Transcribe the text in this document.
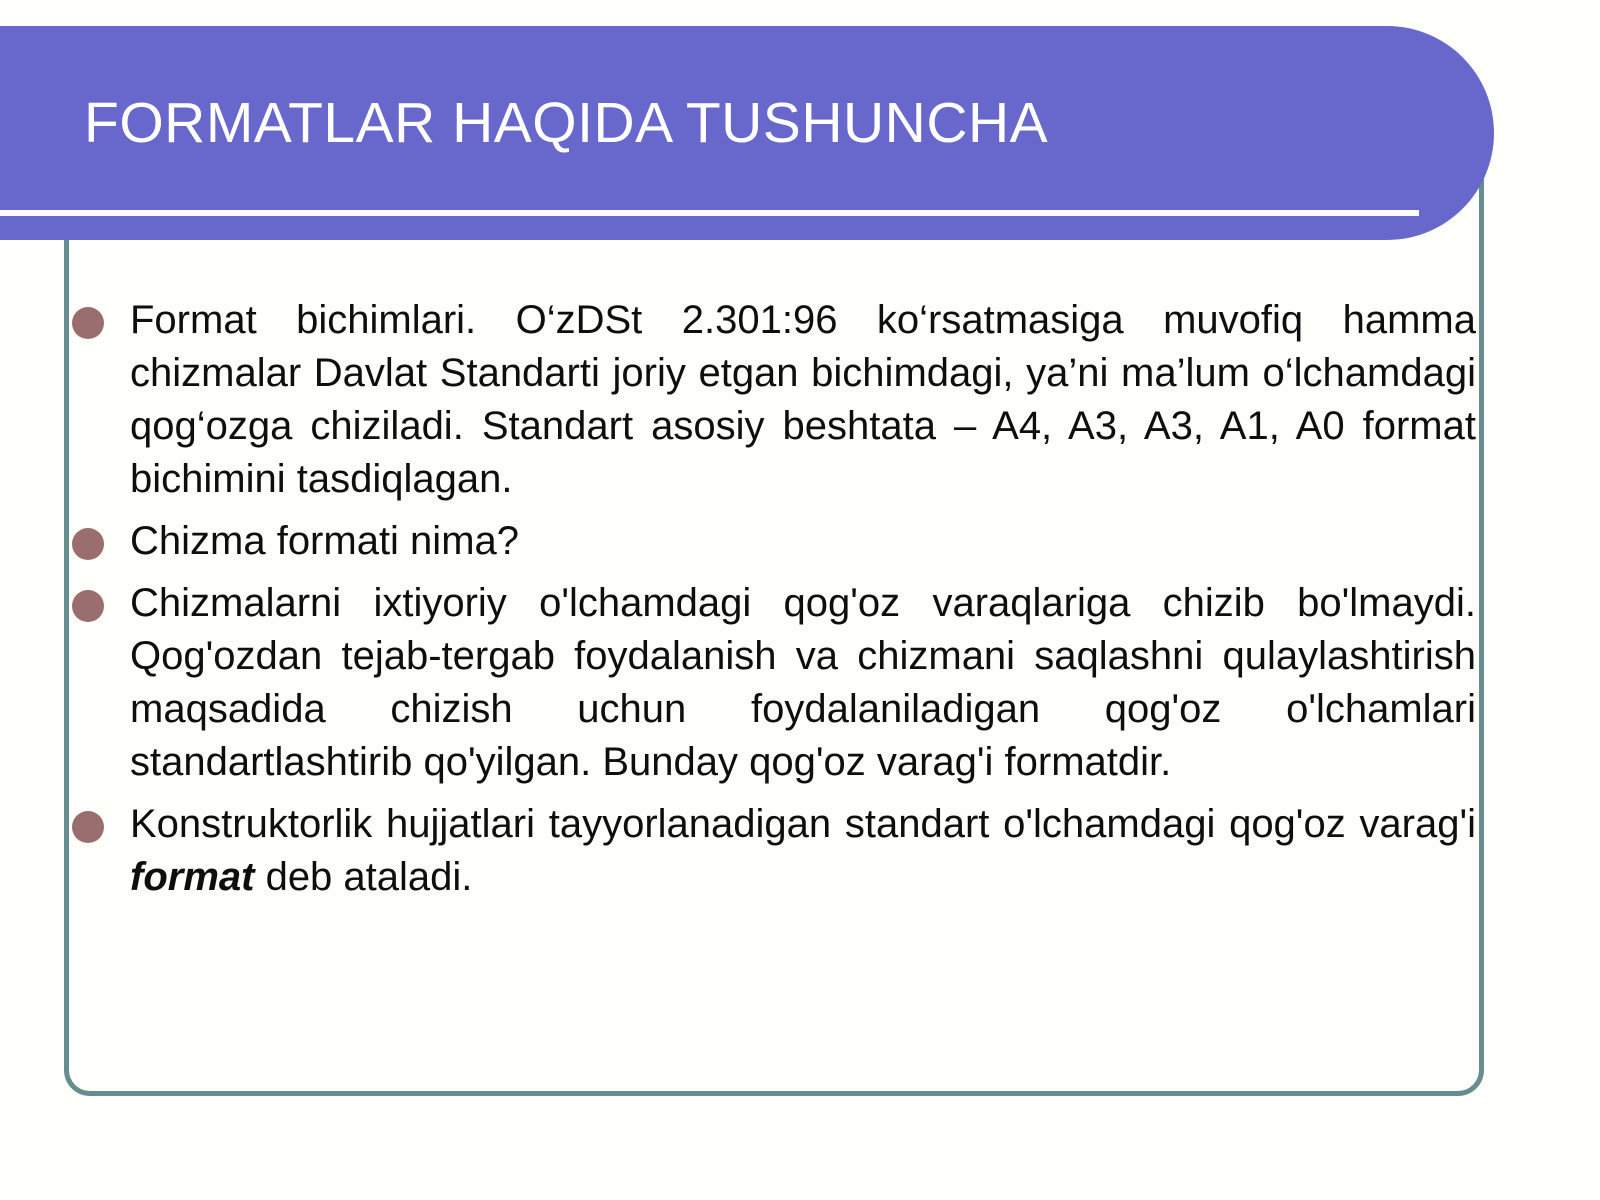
FORMATLAR HAQIDA TUSHUNCHA
Format bichimlari. O‘zDSt 2.301:96 ko‘rsatmasiga muvofiq hamma chizmalar Davlat Standarti joriy etgan bichimdagi, ya’ni ma’lum o‘lchamdagi qog‘ozga chiziladi. Standart asosiy beshtata – A4, A3, A3, A1, A0 format bichimini tasdiqlagan.
Chizma formati nima?
Chizmalarni ixtiyoriy o'lchamdagi qog'oz varaqlariga chizib bo'lmaydi. Qog'ozdan tejab-tergab foydalanish va chizmani saqlashni qulaylashtirish maqsadida chizish uchun foydalaniladigan qog'oz o'lchamlari standartlashtirib qo'yilgan. Bunday qog'oz varag'i formatdir.
Konstruktorlik hujjatlari tayyorlanadigan standart o'lchamdagi qog'oz varag'i format deb ataladi.
